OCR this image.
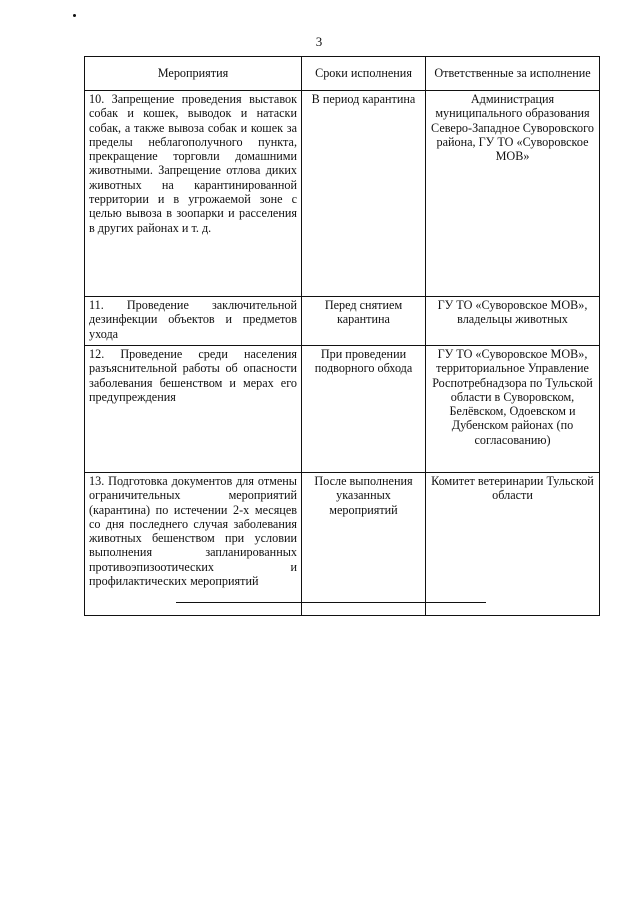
3
Мероприятия	Сроки исполнения	Ответственные за исполнение
10. Запрещение проведения выставок собак и кошек, выводок и натаски собак, а также вывоза собак и кошек за пределы неблагополучного пункта, прекращение торговли домашними животными. Запрещение отлова диких животных на карантинированной территории и в угрожаемой зоне с целью вывоза в зоопарки и расселения в других районах и т. д.	В период карантина	Администрация муниципального образования Северо-Западное Суворовского района, ГУ ТО «Суворовское МОВ»
11. Проведение заключительной дезинфекции объектов и предметов ухода	Перед снятием карантина	ГУ ТО «Суворовское МОВ», владельцы животных
12. Проведение среди населения разъяснительной работы об опасности заболевания бешенством и мерах его предупреждения	При проведении подворного обхода	ГУ ТО «Суворовское МОВ», территориальное Управление Роспотребнадзора по Тульской области в Суворовском, Белёвском, Одоевском и Дубенском районах (по согласованию)
13. Подготовка документов для отмены ограничительных мероприятий (карантина) по истечении 2-х месяцев со дня последнего случая заболевания животных бешенством при условии выполнения запланированных противоэпизоотических и профилактических мероприятий	После выполнения указанных мероприятий	Комитет ветеринарии Тульской области
